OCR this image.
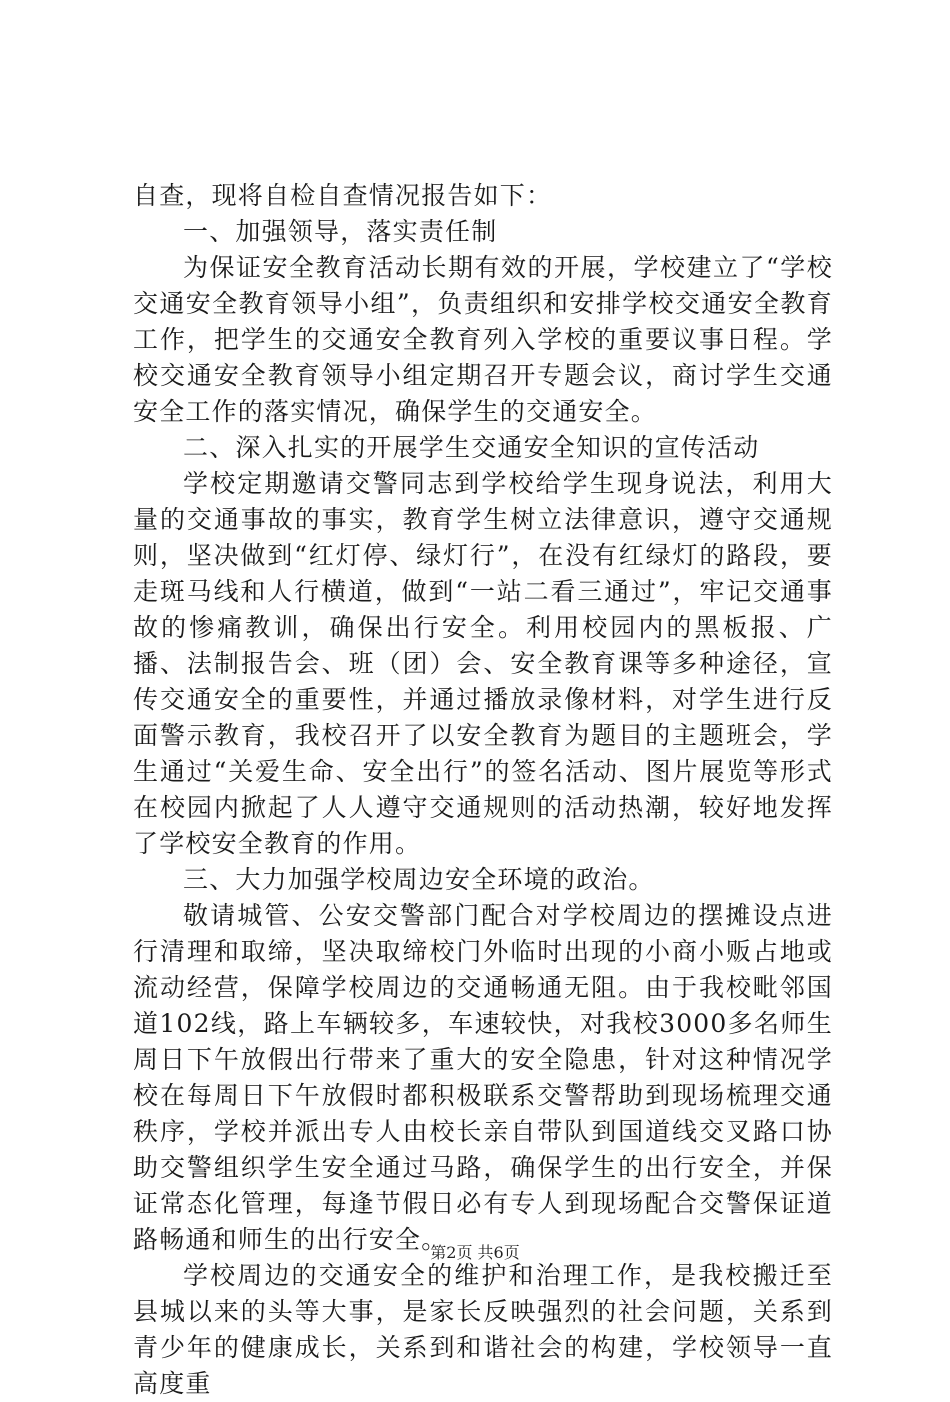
自查，现将自检自查情况报告如下：

一、加强领导，落实责任制

为保证安全教育活动长期有效的开展，学校建立了“学校交通安全教育领导小组”，负责组织和安排学校交通安全教育工作，把学生的交通安全教育列入学校的重要议事日程。学校交通安全教育领导小组定期召开专题会议，商讨学生交通安全工作的落实情况，确保学生的交通安全。

二、深入扎实的开展学生交通安全知识的宣传活动

学校定期邀请交警同志到学校给学生现身说法，利用大量的交通事故的事实，教育学生树立法律意识，遵守交通规则，坚决做到“红灯停、绿灯行”，在没有红绿灯的路段，要走斑马线和人行横道，做到“一站二看三通过”，牢记交通事故的惨痛教训，确保出行安全。利用校园内的黑板报、广播、法制报告会、班（团）会、安全教育课等多种途径，宣传交通安全的重要性，并通过播放录像材料，对学生进行反面警示教育，我校召开了以安全教育为题目的主题班会，学生通过“关爱生命、安全出行”的签名活动、图片展览等形式在校园内掀起了人人遵守交通规则的活动热潮，较好地发挥了学校安全教育的作用。

三、大力加强学校周边安全环境的政治。

敬请城管、公安交警部门配合对学校周边的摆摊设点进行清理和取缔，坚决取缔校门外临时出现的小商小贩占地或流动经营，保障学校周边的交通畅通无阻。由于我校毗邻国道102线，路上车辆较多，车速较快，对我校3000多名师生周日下午放假出行带来了重大的安全隐患，针对这种情况学校在每周日下午放假时都积极联系交警帮助到现场梳理交通秩序，学校并派出专人由校长亲自带队到国道线交叉路口协助交警组织学生安全通过马路，确保学生的出行安全，并保证常态化管理，每逢节假日必有专人到现场配合交警保证道路畅通和师生的出行安全。

学校周边的交通安全的维护和治理工作，是我校搬迁至县城以来的头等大事，是家长反映强烈的社会问题，关系到青少年的健康成长，关系到和谐社会的构建，学校领导一直高度重

第2页 共6页
